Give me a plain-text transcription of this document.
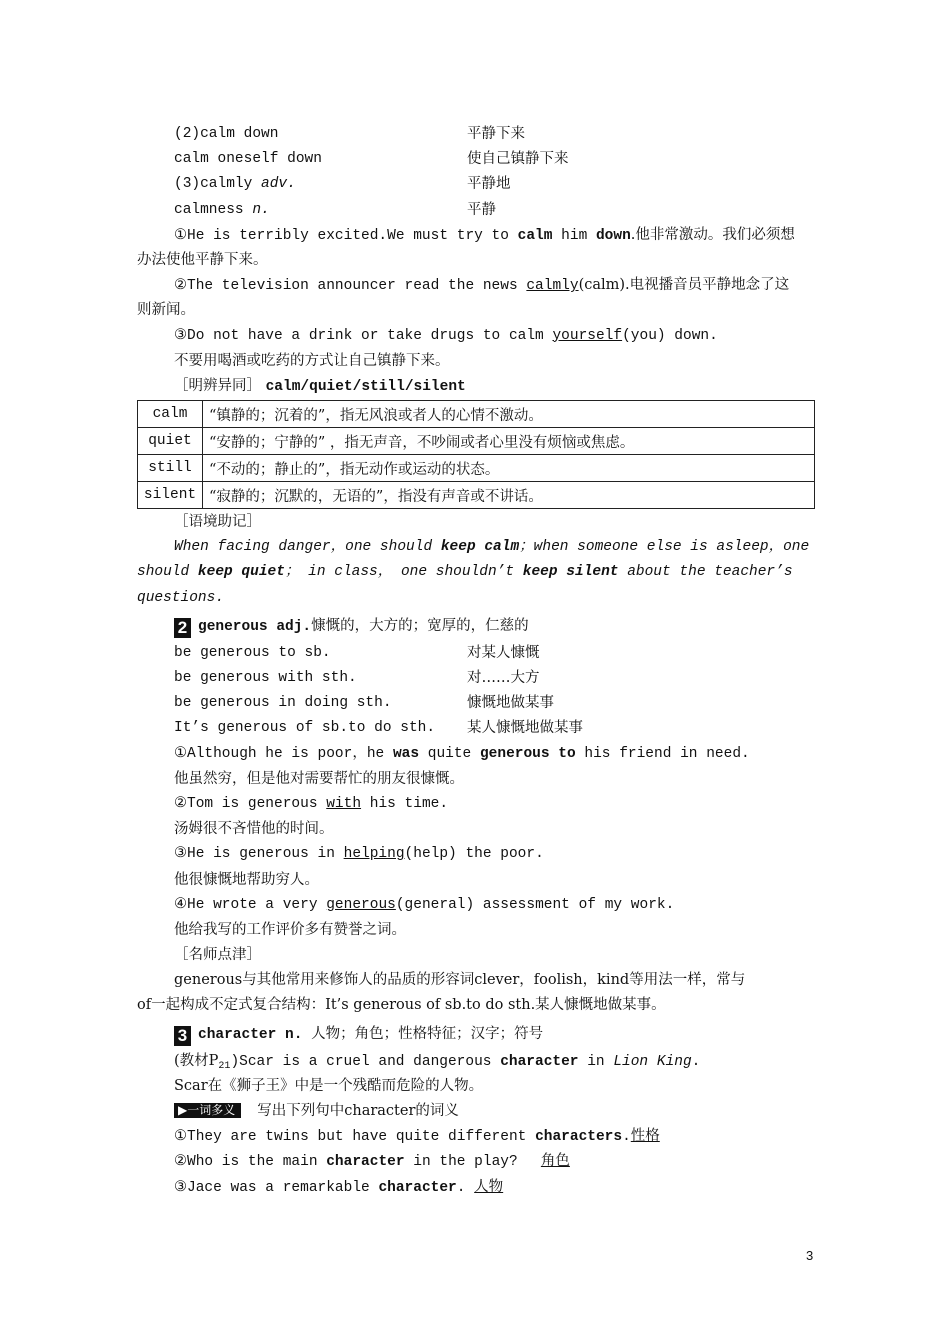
(2)calm down	平静下来
calm oneself down	使自己镇静下来
(3)calmly adv.	平静地
calmness n.	平静
①He is terribly excited.We must try to calm him down.他非常激动。我们必须想
办法使他平静下来。
②The television announcer read the news calmly(calm).电视播音员平静地念了这
则新闻。
③Do not have a drink or take drugs to calm yourself(you) down.
不要用喝酒或吃药的方式让自己镇静下来。
［明辨异同］ calm/quiet/still/silent
calm	“镇静的；沉着的”，指无风浪或者人的心情不激动。
quiet	“安静的；宁静的” ，指无声音，不吵闹或者心里没有烦恼或焦虑。
still	“不动的；静止的”，指无动作或运动的状态。
silent	“寂静的；沉默的，无语的”，指没有声音或不讲话。
［语境助记］
When facing danger，one should keep calm；when someone else is asleep，one
should keep quiet； in class， one shouldn’t keep silent about the teacher’s
questions.
2 generous adj.慷慨的，大方的；宽厚的，仁慈的
be generous to sb.	对某人慷慨
be generous with sth.	对……大方
be generous in doing sth.	慷慨地做某事
It’s generous of sb.to do sth.	某人慷慨地做某事
①Although he is poor，he was quite generous to his friend in need.
他虽然穷，但是他对需要帮忙的朋友很慷慨。
②Tom is generous with his time.
汤姆很不吝惜他的时间。
③He is generous in helping(help) the poor.
他很慷慨地帮助穷人。
④He wrote a very generous(general) assessment of my work.
他给我写的工作评价多有赞誉之词。
［名师点津］
generous与其他常用来修饰人的品质的形容词clever，foolish，kind等用法一样，常与
of一起构成不定式复合结构：It’s generous of sb.to do sth.某人慷慨地做某事。
3 character n. 人物；角色；性格特征；汉字；符号
(教材$P_{21})Scar$ is a cruel and dangerous character in Lion King.
Scar在《狮子王》中是一个残酷而危险的人物。
▶一词多义 写出下列句中character的词义
①They are twins but have quite different characters.性格
②Who is the main character in the play?　 角色
③Jace was a remarkable character. 人物
3
